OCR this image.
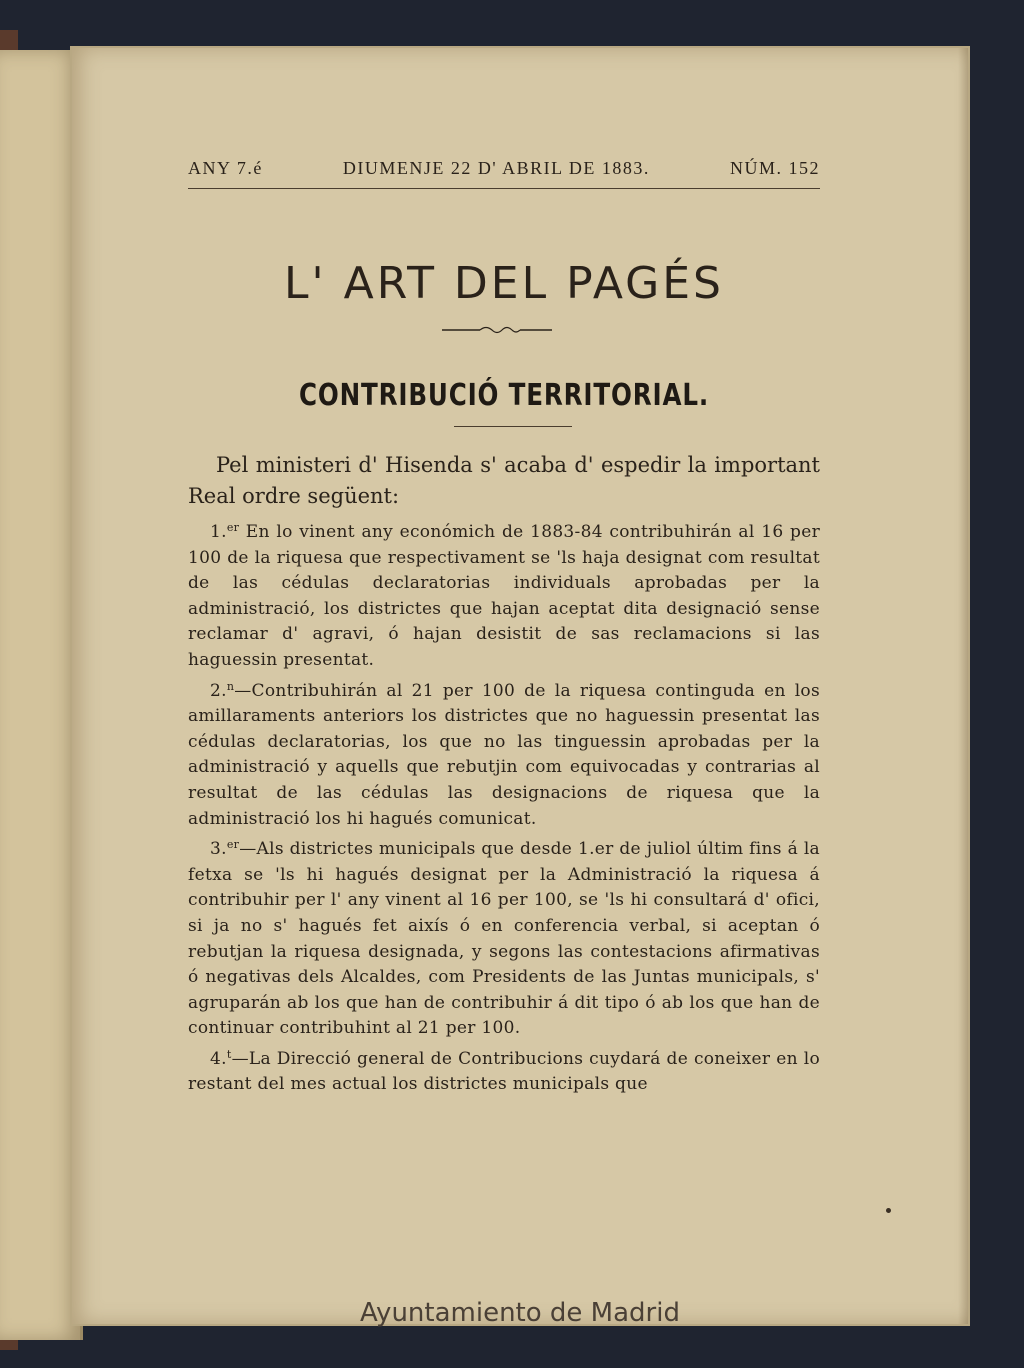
ANY 7.é	DIUMENJE 22 D' ABRIL DE 1883.	NÚM. 152
L' ART DEL PAGÉS
CONTRIBUCIÓ TERRITORIAL.

Pel ministeri d' Hisenda s' acaba d' espedir la important Real ordre següent:

1.$^{er}$ En lo vinent any económich de 1883-84 contribuhirán al 16 per 100 de la riquesa que respectivament se 'ls haja designat com resultat de las cédulas declaratorias individuals aprobadas per la administració, los districtes que hajan aceptat dita designació sense reclamar d' agravi, ó hajan desistit de sas reclamacions si las haguessin presentat.

2.$^n$—Contribuhirán al 21 per 100 de la riquesa continguda en los amillaraments anteriors los districtes que no haguessin presentat las cédulas declaratorias, los que no las tinguessin aprobadas per la administració y aquells que rebutjin com equivocadas y contrarias al resultat de las cédulas las designacions de riquesa que la administració los hi hagués comunicat.

3.$^{er}$—Als districtes municipals que desde 1.er de juliol últim fins á la fetxa se 'ls hi hagués designat per la Administració la riquesa á contribuhir per l' any vinent al 16 per 100, se 'ls hi consultará d' ofici, si ja no s' hagués fet aixís ó en conferencia verbal, si aceptan ó rebutjan la riquesa designada, y segons las contestacions afirmativas ó negativas dels Alcaldes, com Presidents de las Juntas municipals, s' agruparán ab los que han de contribuhir á dit tipo ó ab los que han de continuar contribuhint al 21 per 100.

4.$^t$—La Direcció general de Contribucions cuydará de coneixer en lo restant del mes actual los districtes municipals que

Ayuntamiento de Madrid
